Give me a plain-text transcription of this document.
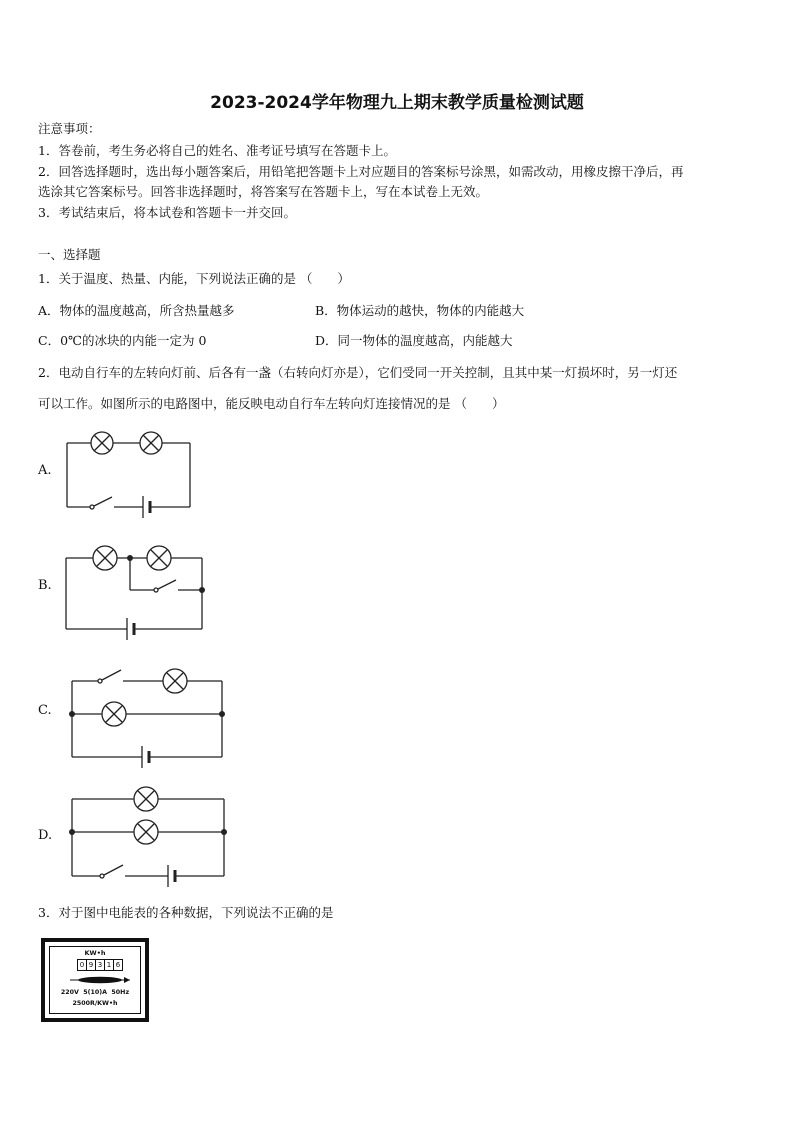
2023-2024学年物理九上期末教学质量检测试题
注意事项：
1．答卷前，考生务必将自己的姓名、准考证号填写在答题卡上。
2．回答选择题时，选出每小题答案后，用铅笔把答题卡上对应题目的答案标号涂黑，如需改动，用橡皮擦干净后，再
选涂其它答案标号。回答非选择题时，将答案写在答题卡上，写在本试卷上无效。
3．考试结束后，将本试卷和答题卡一并交回。
一、选择题
1．关于温度、热量、内能，下列说法正确的是 （　　）
A．物体的温度越高，所含热量越多	B．物体运动的越快，物体的内能越大
C．0℃的冰块的内能一定为 0	D．同一物体的温度越高，内能越大
2．电动自行车的左转向灯前、后各有一盏（右转向灯亦是），它们受同一开关控制，且其中某一灯损坏时，另一灯还
可以工作。如图所示的电路图中，能反映电动自行车左转向灯连接情况的是 （　　）
A.
B.
C.
D.
3．对于图中电能表的各种数据，下列说法不正确的是
KW•h
0 9 3 1 6
220V  5(10)A  50Hz
2500R/KW•h
